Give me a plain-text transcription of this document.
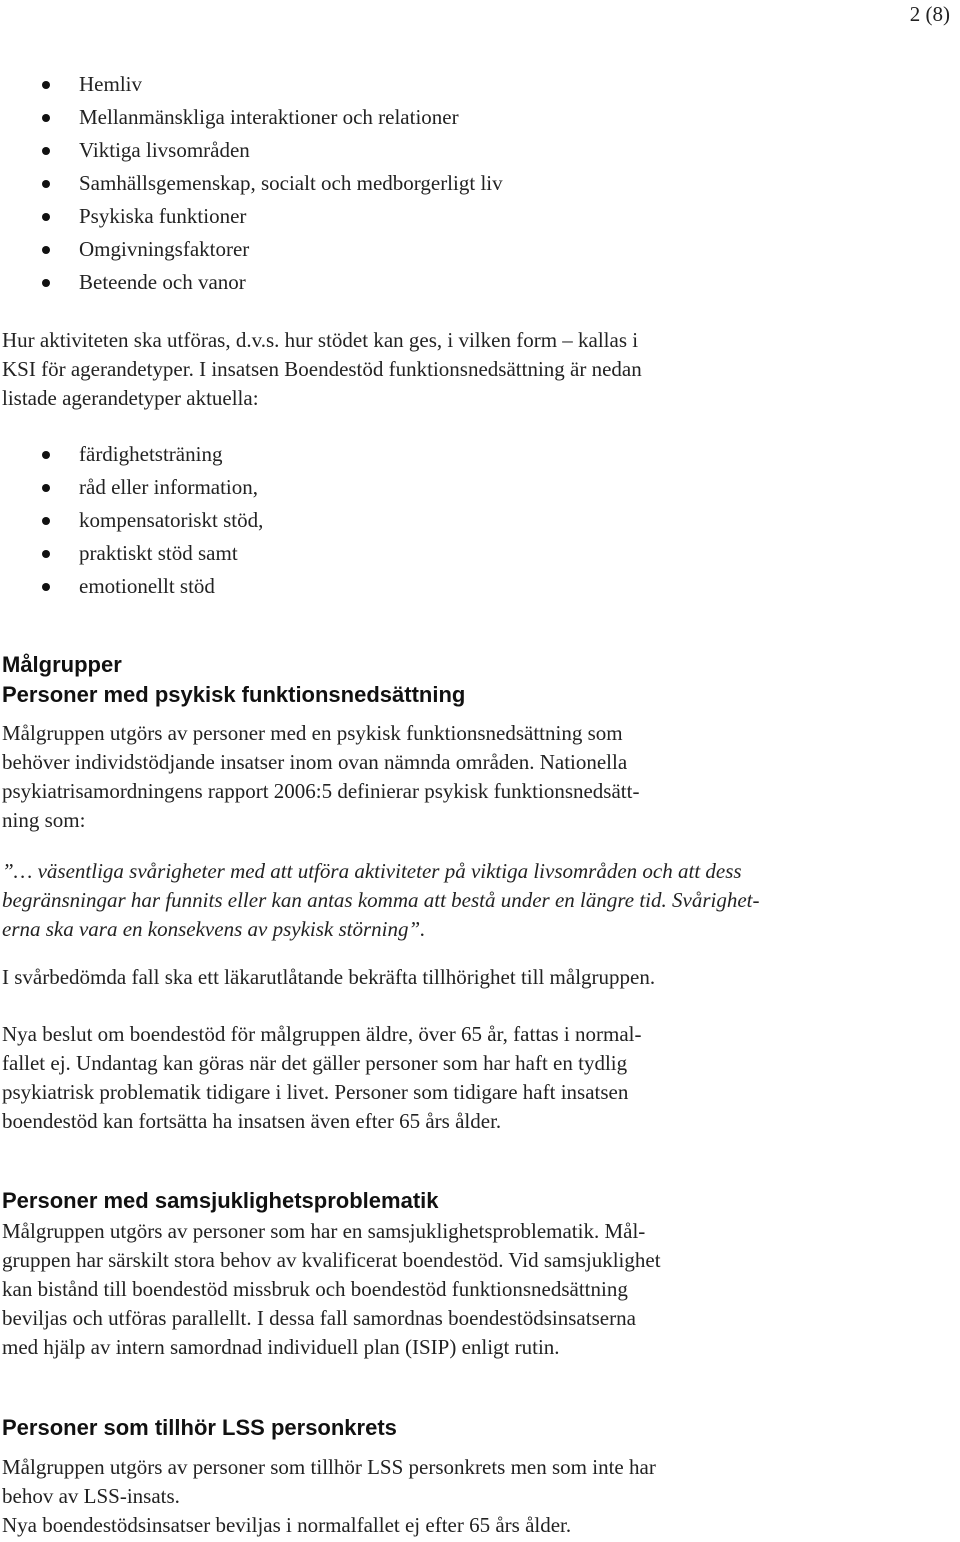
2 (8)
Hemliv
Mellanmänskliga interaktioner och relationer
Viktiga livsområden
Samhällsgemenskap, socialt och medborgerligt liv
Psykiska funktioner
Omgivningsfaktorer
Beteende och vanor

Hur aktiviteten ska utföras, d.v.s. hur stödet kan ges, i vilken form – kallas i
KSI för agerandetyper. I insatsen Boendestöd funktionsnedsättning är nedan
listade agerandetyper aktuella:

färdighetsträning
råd eller information,
kompensatoriskt stöd,
praktiskt stöd samt
emotionellt stöd
Målgrupper
Personer med psykisk funktionsnedsättning

Målgruppen utgörs av personer med en psykisk funktionsnedsättning som
behöver individstödjande insatser inom ovan nämnda områden. Nationella
psykiatrisamordningens rapport 2006:5 definierar psykisk funktionsnedsätt-
ning som:

”… väsentliga svårigheter med att utföra aktiviteter på viktiga livsområden och att dess
begränsningar har funnits eller kan antas komma att bestå under en längre tid. Svårighet-
erna ska vara en konsekvens av psykisk störning”.

I svårbedömda fall ska ett läkarutlåtande bekräfta tillhörighet till målgruppen.

Nya beslut om boendestöd för målgruppen äldre, över 65 år, fattas i normal-
fallet ej. Undantag kan göras när det gäller personer som har haft en tydlig
psykiatrisk problematik tidigare i livet. Personer som tidigare haft insatsen
boendestöd kan fortsätta ha insatsen även efter 65 års ålder.

Personer med samsjuklighetsproblematik

Målgruppen utgörs av personer som har en samsjuklighetsproblematik. Mål-
gruppen har särskilt stora behov av kvalificerat boendestöd. Vid samsjuklighet
kan bistånd till boendestöd missbruk och boendestöd funktionsnedsättning
beviljas och utföras parallellt. I dessa fall samordnas boendestödsinsatserna
med hjälp av intern samordnad individuell plan (ISIP) enligt rutin.

Personer som tillhör LSS personkrets

Målgruppen utgörs av personer som tillhör LSS personkrets men som inte har
behov av LSS-insats.
Nya boendestödsinsatser beviljas i normalfallet ej efter 65 års ålder.
